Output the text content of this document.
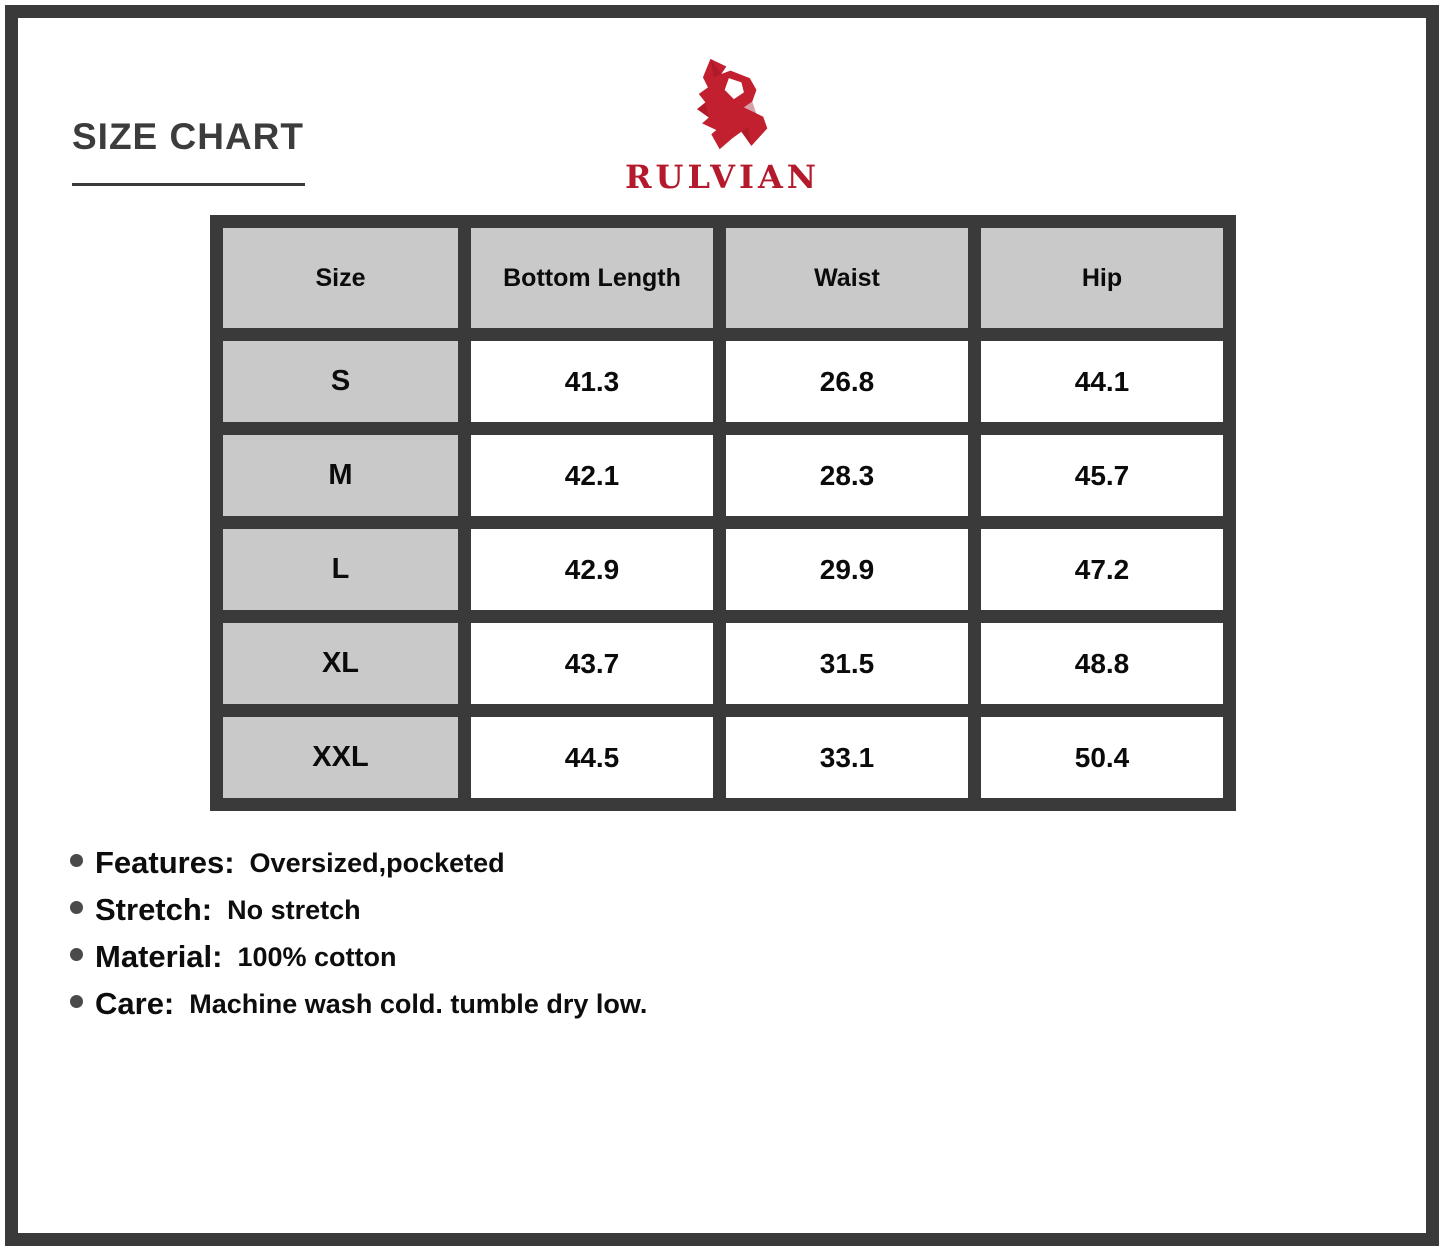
SIZE CHART
RULVIAN
Size	Bottom Length	Waist	Hip
S	41.3	26.8	44.1
M	42.1	28.3	45.7
L	42.9	29.9	47.2
XL	43.7	31.5	48.8
XXL	44.5	33.1	50.4
Features: Oversized,pocketed
Stretch: No stretch
Material: 100% cotton
Care: Machine wash cold. tumble dry low.
